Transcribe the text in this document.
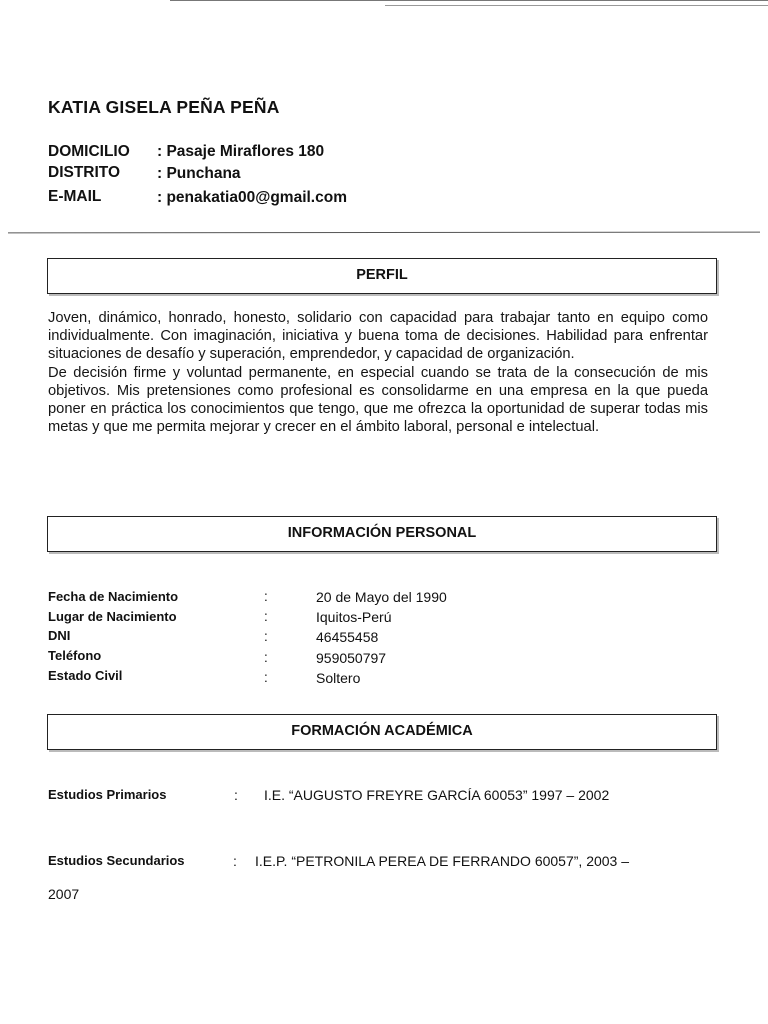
KATIA GISELA PEÑA PEÑA
DOMICILIO : Pasaje Miraflores 180
DISTRITO : Punchana
E-MAIL	: penakatia00@gmail.com
PERFIL

Joven, dinámico, honrado, honesto, solidario con capacidad para trabajar tanto en equipo como individualmente. Con imaginación, iniciativa y buena toma de decisiones. Habilidad para enfrentar situaciones de desafío y superación, emprendedor, y capacidad de organización.

De decisión firme y voluntad permanente, en especial cuando se trata de la consecución de mis objetivos. Mis pretensiones como profesional es consolidarme en una empresa en la que pueda poner en práctica los conocimientos que tengo, que me ofrezca la oportunidad de superar todas mis metas y que me permita mejorar y crecer en el ámbito laboral, personal e intelectual.

INFORMACIÓN PERSONAL
Fecha de Nacimiento	:	20 de Mayo del 1990
Lugar de Nacimiento	:	Iquitos-Perú
DNI	:	46455458
Teléfono	:	959050797
Estado Civil	:	Soltero
FORMACIÓN ACADÉMICA
Estudios Primarios	: I.E. “AUGUSTO FREYRE GARCÍA 60053” 1997 – 2002
Estudios Secundarios	: I.E.P. “PETRONILA PEREA DE FERRANDO 60057”, 2003 –
2007
